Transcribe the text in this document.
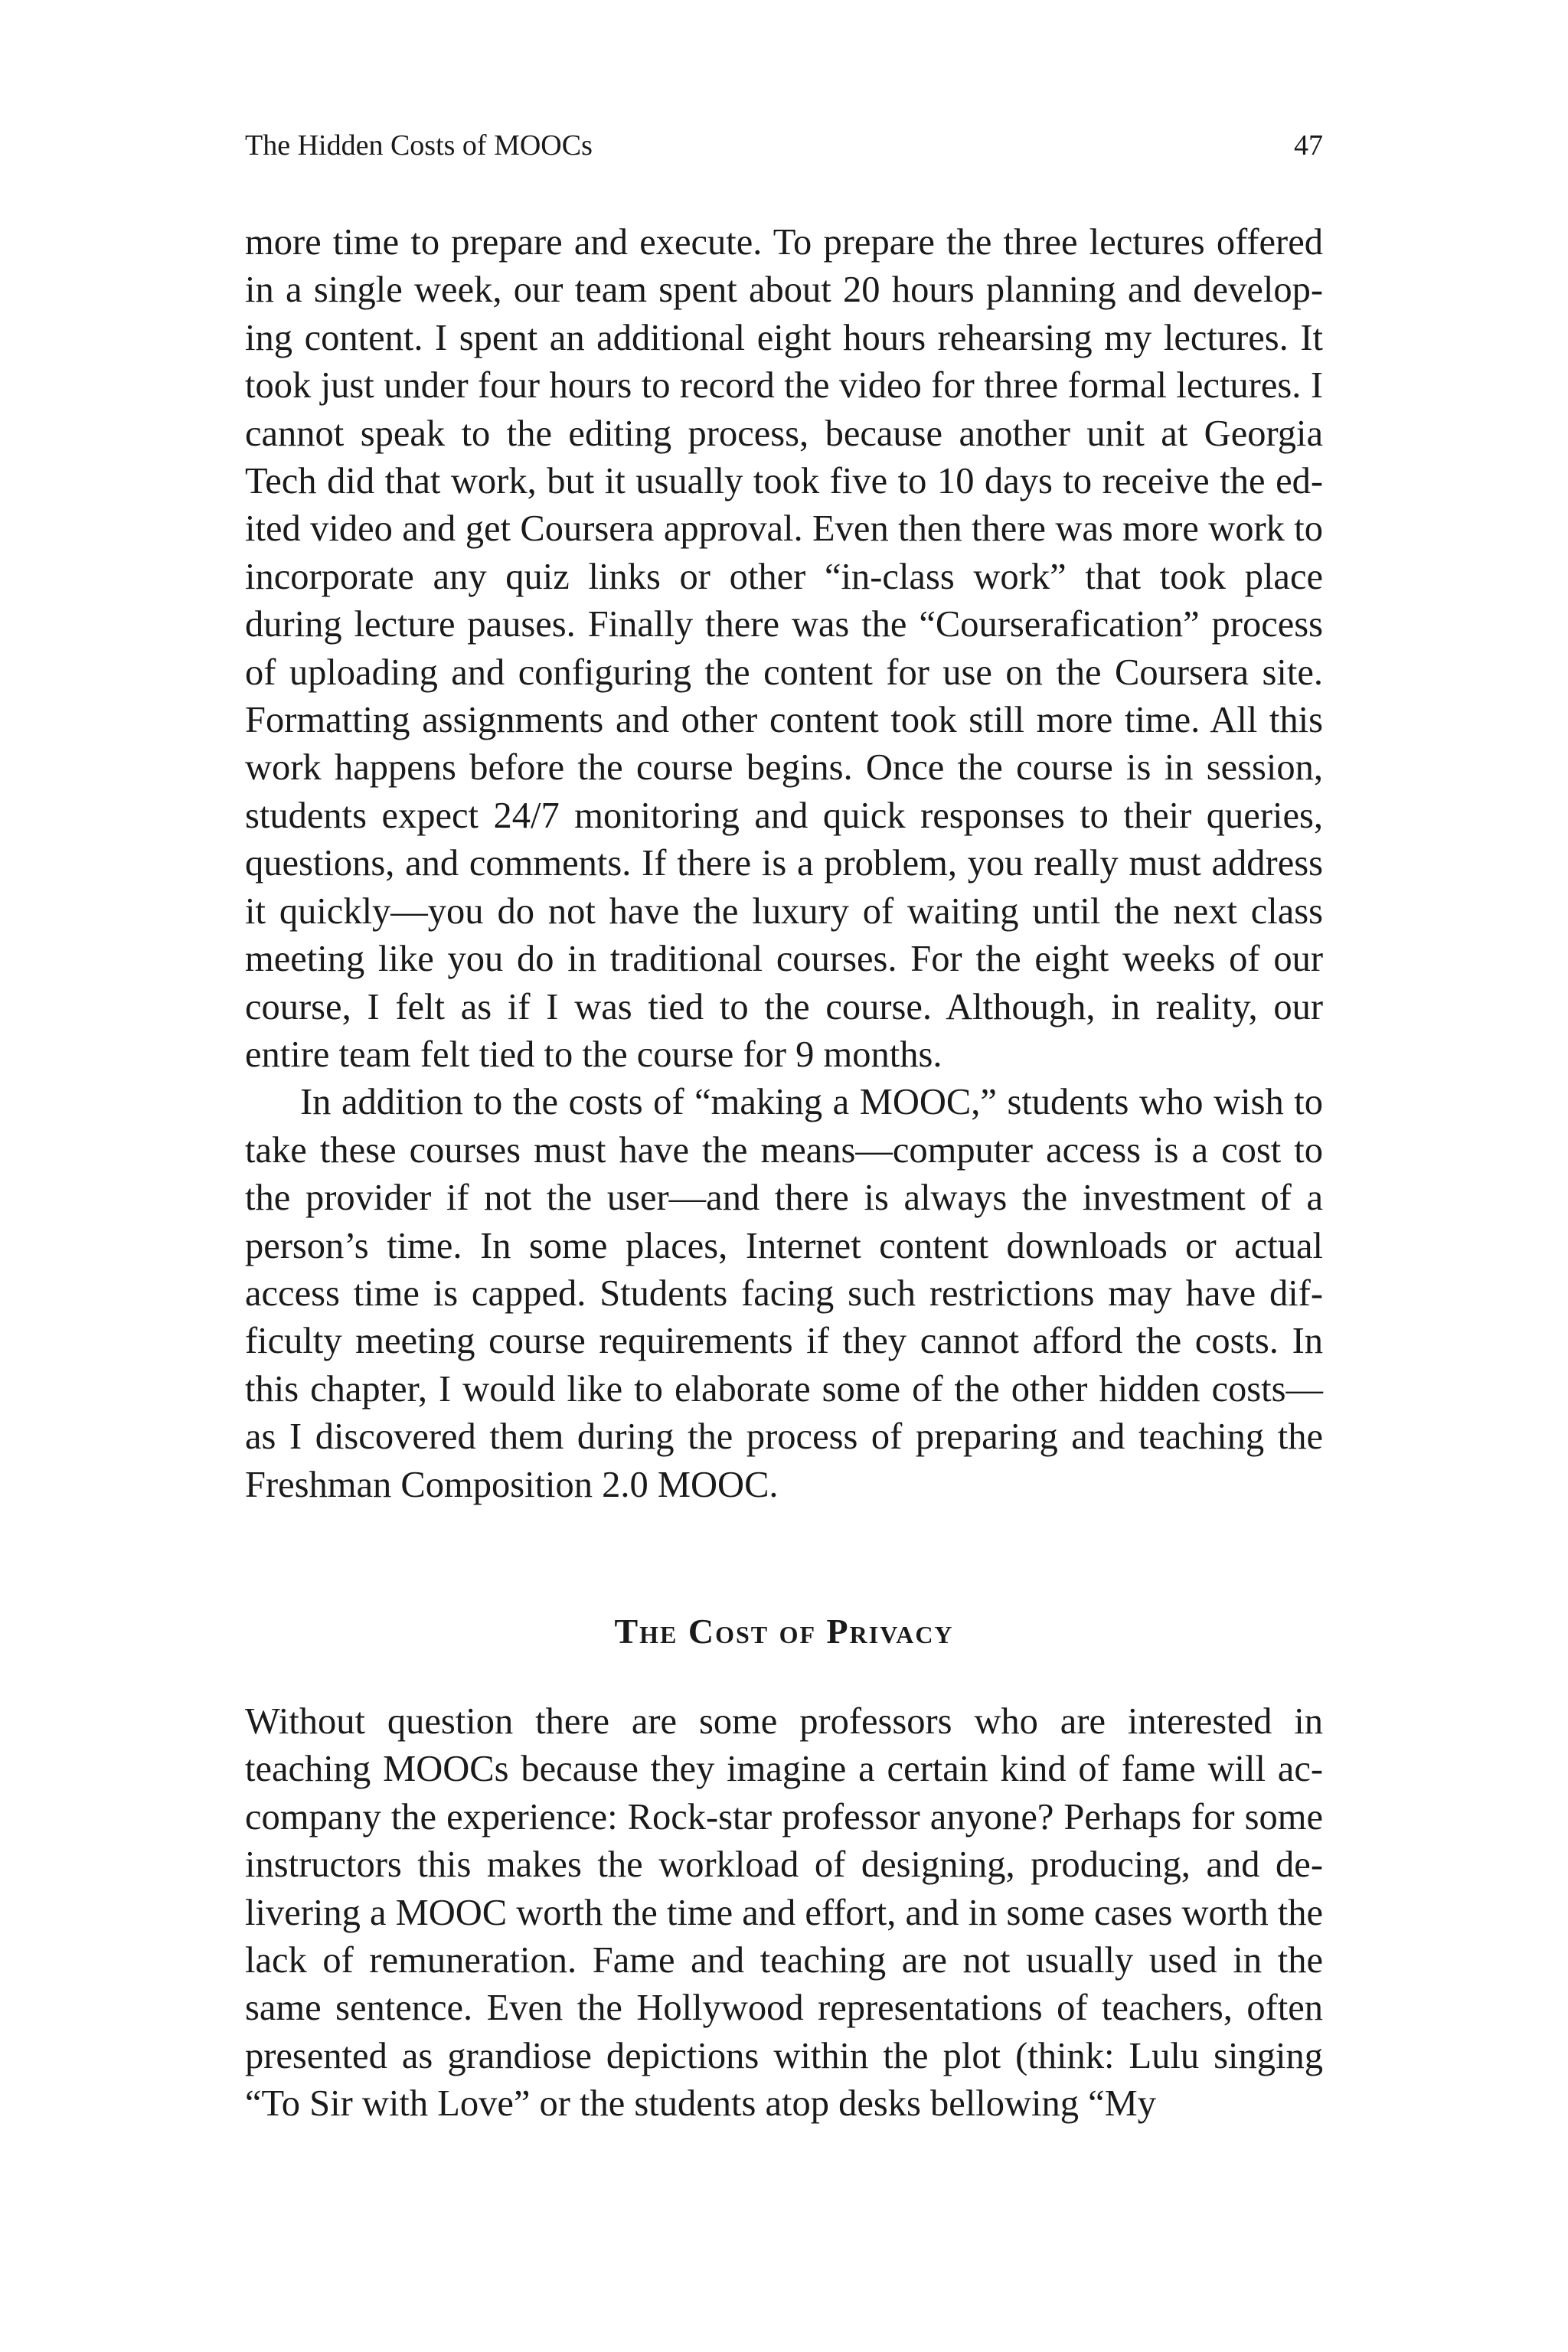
The Hidden Costs of MOOCs	47

more time to prepare and execute. To prepare the three lectures offered in a single week, our team spent about 20 hours planning and developing content. I spent an additional eight hours rehearsing my lectures. It took just under four hours to record the video for three formal lectures. I cannot speak to the editing process, because another unit at Georgia Tech did that work, but it usually took five to 10 days to receive the edited video and get Coursera approval. Even then there was more work to incorporate any quiz links or other “in-class work” that took place during lecture pauses. Finally there was the “Courserafication” process of uploading and configuring the content for use on the Coursera site. Formatting assignments and other content took still more time. All this work happens before the course begins. Once the course is in session, students expect 24/7 monitoring and quick responses to their queries, questions, and comments. If there is a problem, you really must address it quickly—you do not have the luxury of waiting until the next class meeting like you do in traditional courses. For the eight weeks of our course, I felt as if I was tied to the course. Although, in reality, our entire team felt tied to the course for 9 months.

In addition to the costs of “making a MOOC,” students who wish to take these courses must have the means—computer access is a cost to the provider if not the user—and there is always the investment of a person’s time. In some places, Internet content downloads or actual access time is capped. Students facing such restrictions may have difficulty meeting course requirements if they cannot afford the costs. In this chapter, I would like to elaborate some of the other hidden costs— as I discovered them during the process of preparing and teaching the Freshman Composition 2.0 MOOC.

The Cost of Privacy

Without question there are some professors who are interested in teaching MOOCs because they imagine a certain kind of fame will accompany the experience: Rock-star professor anyone? Perhaps for some instructors this makes the workload of designing, producing, and delivering a MOOC worth the time and effort, and in some cases worth the lack of remuneration. Fame and teaching are not usually used in the same sentence. Even the Hollywood representations of teachers, often presented as grandiose depictions within the plot (think: Lulu singing “To Sir with Love” or the students atop desks bellowing “My
